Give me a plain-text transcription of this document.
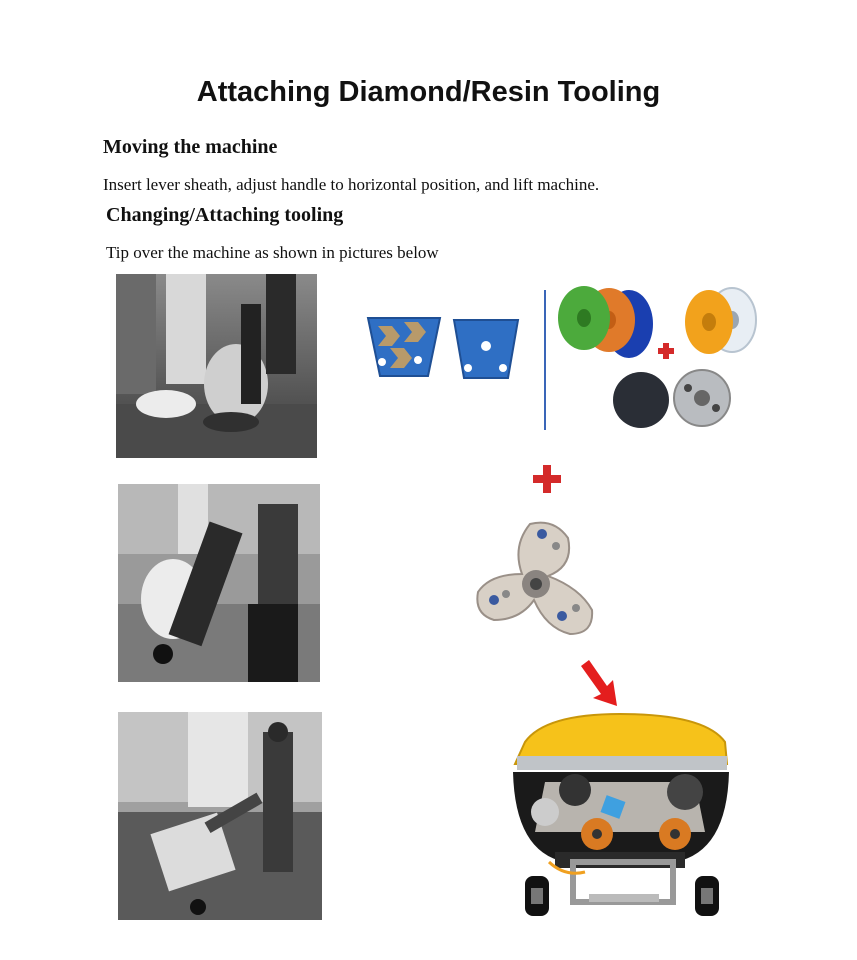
Attaching Diamond/Resin Tooling
Moving the machine
Insert lever sheath, adjust handle to horizontal position, and lift machine.
Changing/Attaching tooling
Tip over the machine as shown in pictures below
